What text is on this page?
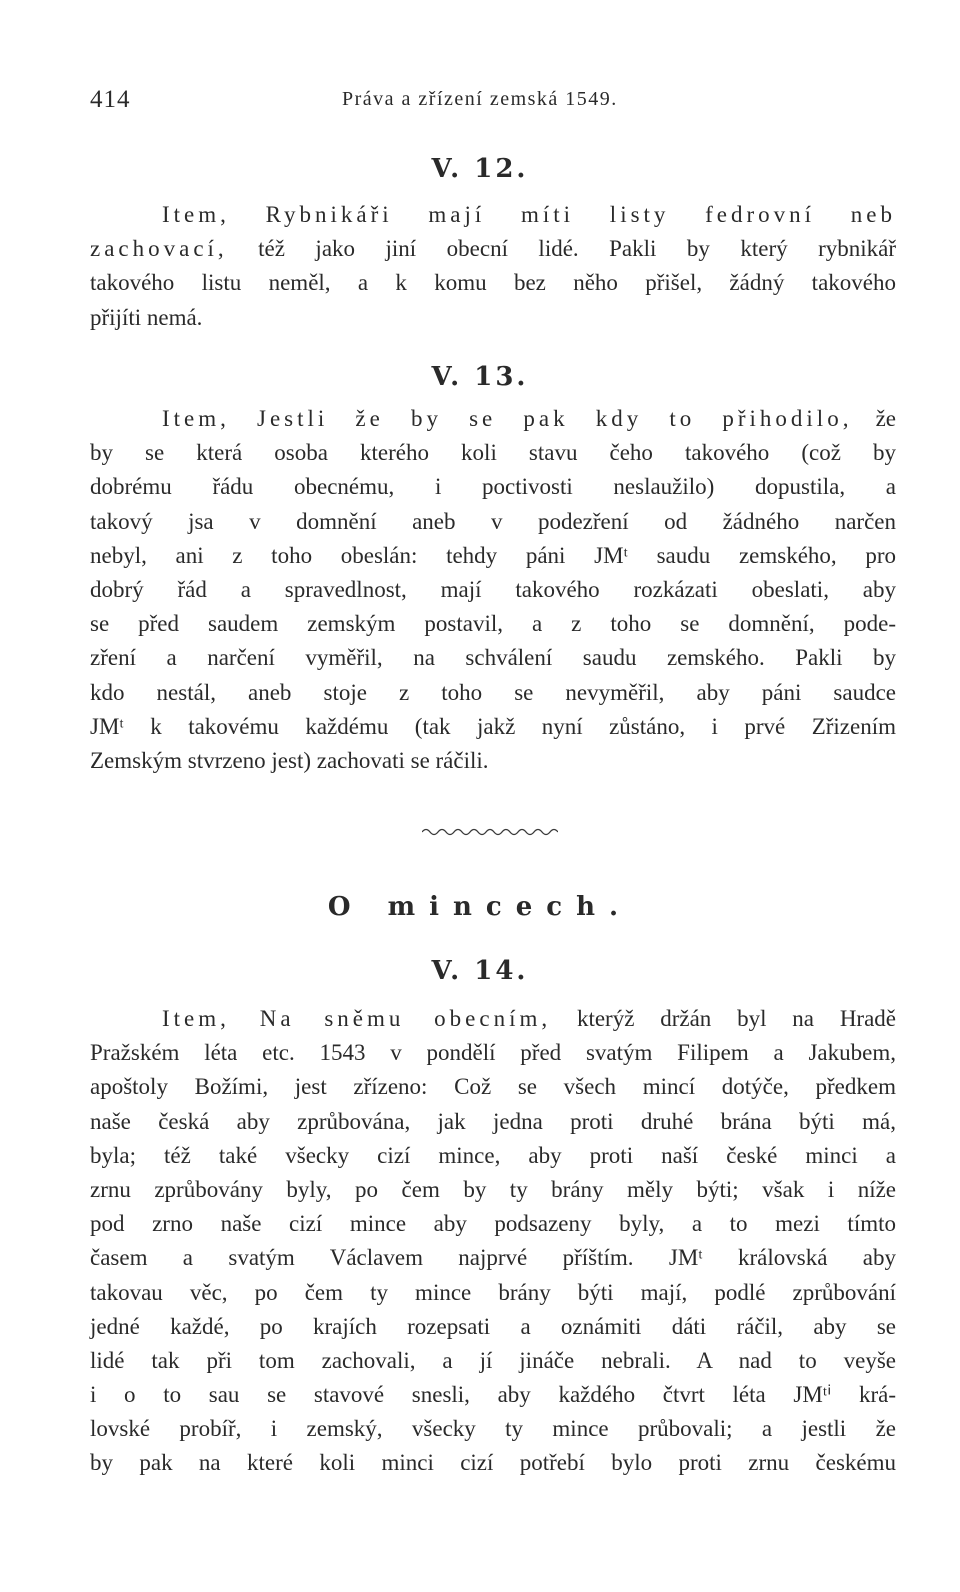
414	Práva a zřízení zemská 1549.
V. 12.
Item, Rybnikáři mají míti listy fedrovní neb
zachovací, též jako jiní obecní lidé. Pakli by který rybnikář
takového listu neměl, a k komu bez něho přišel, žádný takového
přijíti nemá.
V. 13.
Item, Jestli že by se pak kdy to přihodilo, že
by se která osoba kterého koli stavu čeho takového (což by
dobrému řádu obecnému, i poctivosti neslaužilo) dopustila, a
takový jsa v domnění aneb v podezření od žádného narčen
nebyl, ani z toho obeslán: tehdy páni JMᵗ saudu zemského, pro
dobrý řád a spravedlnost, mají takového rozkázati obeslati, aby
se před saudem zemským postavil, a z toho se domnění, pode-
zření a narčení vyměřil, na schválení saudu zemského. Pakli by
kdo nestál, aneb stoje z toho se nevyměřil, aby páni saudce
JMᵗ k takovému každému (tak jakž nyní zůstáno, i prvé Zřizením
Zemským stvrzeno jest) zachovati se ráčili.
O mincech.
V. 14.
Item, Na sněmu obecním, kterýž držán byl na Hradě
Pražském léta etc. 1543 v pondělí před svatým Filipem a Jakubem,
apoštoly Božími, jest zřízeno: Což se všech mincí dotýče, předkem
naše česká aby zprůbována, jak jedna proti druhé brána býti má,
byla; též také všecky cizí mince, aby proti naší české minci a
zrnu zprůbovány byly, po čem by ty brány měly býti; však i níže
pod zrno naše cizí mince aby podsazeny byly, a to mezi tímto
časem a svatým Václavem najprvé příštím. JMᵗ královská aby
takovau věc, po čem ty mince brány býti mají, podlé zprůbování
jedné každé, po krajích rozepsati a oznámiti dáti ráčil, aby se
lidé tak při tom zachovali, a jí jináče nebrali. A nad to veyše
i o to sau se stavové snesli, aby každého čtvrt léta JMᵗⁱ krá-
lovské probíř, i zemský, všecky ty mince průbovali; a jestli že
by pak na které koli minci cizí potřebí bylo proti zrnu českému
